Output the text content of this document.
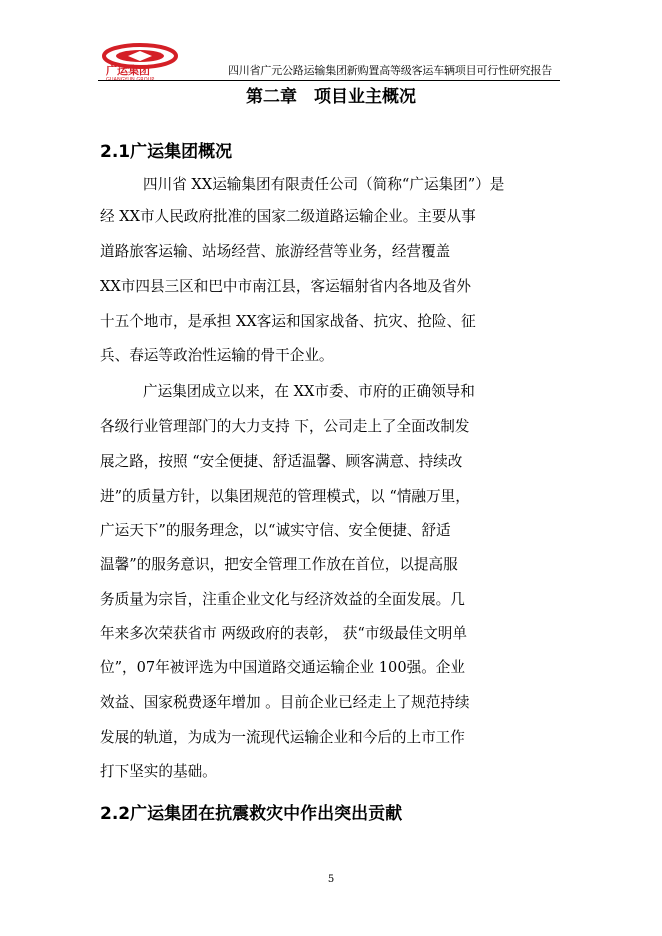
广运集团
GUANGYUN GROUP
四川省广元公路运输集团新购置高等级客运车辆项目可行性研究报告
第二章　项目业主概况
2.1广运集团概况
四川省 XX运输集团有限责任公司（简称“广运集团”）是
经 XX市人民政府批准的国家二级道路运输企业。主要从事
道路旅客运输、站场经营、旅游经营等业务，经营覆盖
XX市四县三区和巴中市南江县，客运辐射省内各地及省外
十五个地市，是承担 XX客运和国家战备、抗灾、抢险、征
兵、春运等政治性运输的骨干企业。
广运集团成立以来，在 XX市委、市府的正确领导和
各级行业管理部门的大力支持 下，公司走上了全面改制发
展之路，按照 “安全便捷、舒适温馨、顾客满意、持续改
进”的质量方针，以集团规范的管理模式，以 “情融万里，
广运天下”的服务理念，以“诚实守信、安全便捷、舒适
温馨”的服务意识，把安全管理工作放在首位，以提高服
务质量为宗旨，注重企业文化与经济效益的全面发展。几
年来多次荣获省市 两级政府的表彰， 获“市级最佳文明单
位”，07年被评选为中国道路交通运输企业 100强。企业
效益、国家税费逐年增加 。目前企业已经走上了规范持续
发展的轨道，为成为一流现代运输企业和今后的上市工作
打下坚实的基础。
2.2广运集团在抗震救灾中作出突出贡献
5
